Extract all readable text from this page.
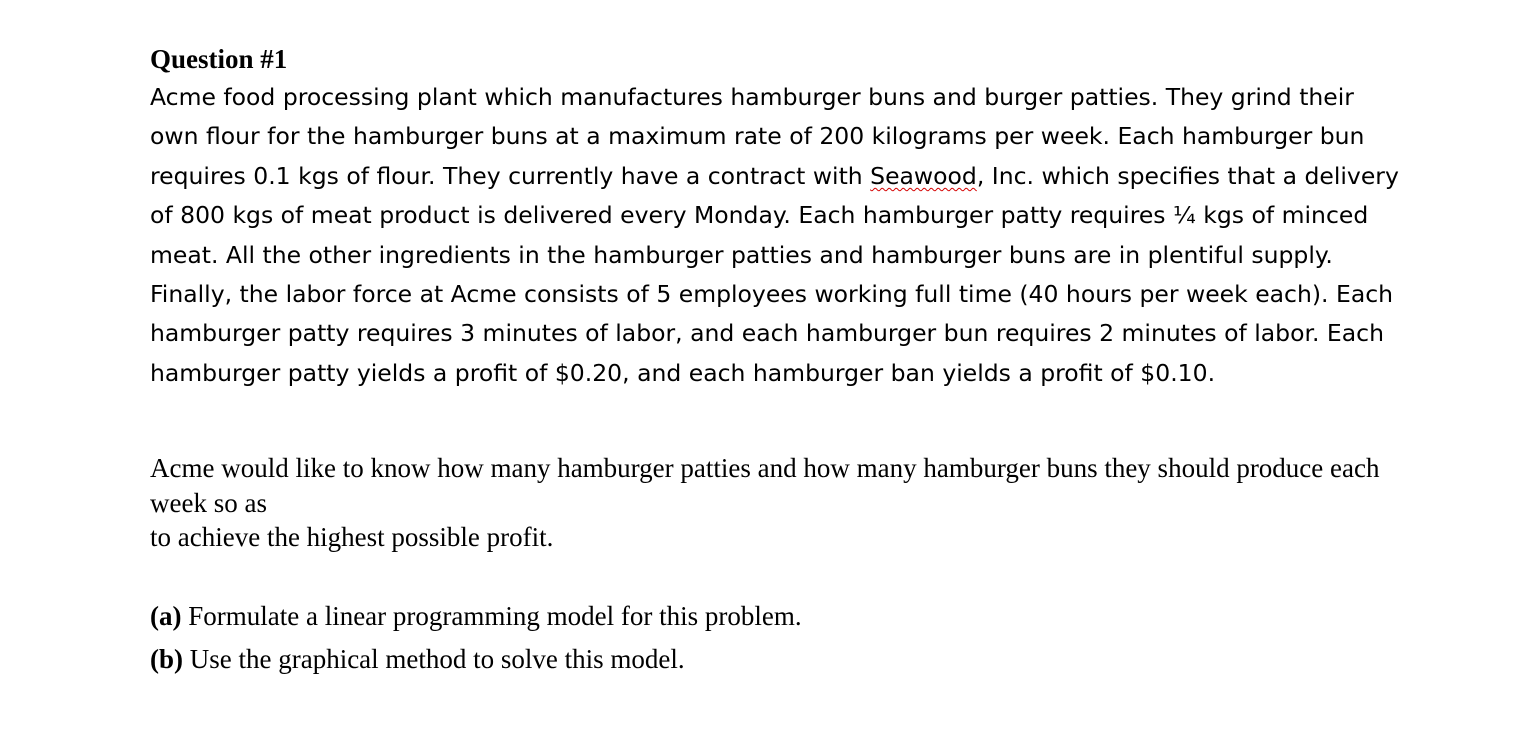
Question #1

Acme food processing plant which manufactures hamburger buns and burger patties. They grind their own flour for the hamburger buns at a maximum rate of 200 kilograms per week. Each hamburger bun requires 0.1 kgs of flour. They currently have a contract with Seawood, Inc. which specifies that a delivery of 800 kgs of meat product is delivered every Monday. Each hamburger patty requires ¼ kgs of minced meat. All the other ingredients in the hamburger patties and hamburger buns are in plentiful supply. Finally, the labor force at Acme consists of 5 employees working full time (40 hours per week each). Each hamburger patty requires 3 minutes of labor, and each hamburger bun requires 2 minutes of labor. Each hamburger patty yields a profit of $0.20, and each hamburger ban yields a profit of $0.10.

Acme would like to know how many hamburger patties and how many hamburger buns they should produce each week so as
to achieve the highest possible profit.

(a) Formulate a linear programming model for this problem.

(b) Use the graphical method to solve this model.
